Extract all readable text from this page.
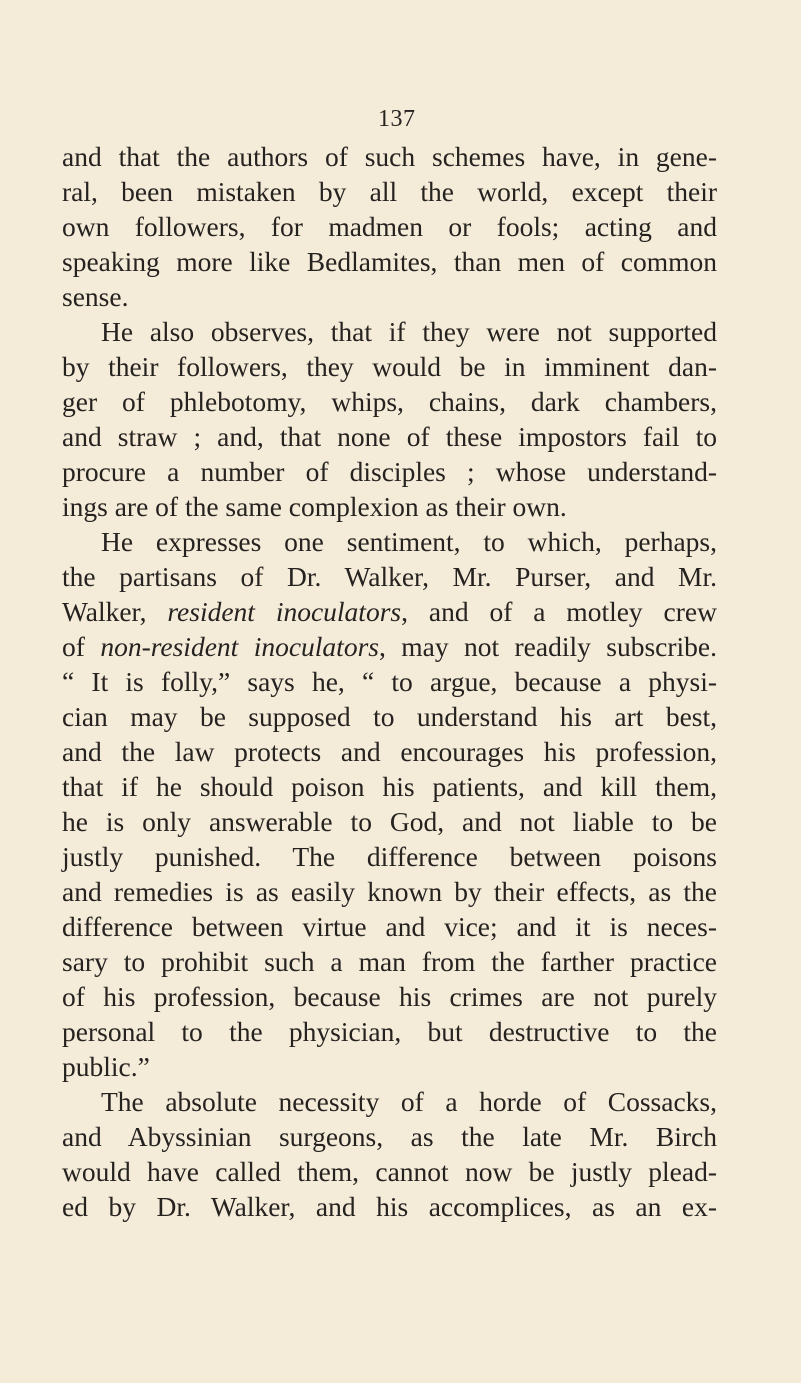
137
and that the authors of such schemes have, in gene-
ral, been mistaken by all the world, except their
own followers, for madmen or fools; acting and
speaking more like Bedlamites, than men of common
sense.
He also observes, that if they were not supported
by their followers, they would be in imminent dan-
ger of phlebotomy, whips, chains, dark chambers,
and straw ; and, that none of these impostors fail to
procure a number of disciples ; whose understand-
ings are of the same complexion as their own.
He expresses one sentiment, to which, perhaps,
the partisans of Dr. Walker, Mr. Purser, and Mr.
Walker, resident inoculators, and of a motley crew
of non-resident inoculators, may not readily subscribe.
“ It is folly,” says he, “ to argue, because a physi-
cian may be supposed to understand his art best,
and the law protects and encourages his profession,
that if he should poison his patients, and kill them,
he is only answerable to God, and not liable to be
justly punished. The difference between poisons
and remedies is as easily known by their effects, as the
difference between virtue and vice; and it is neces-
sary to prohibit such a man from the farther practice
of his profession, because his crimes are not purely
personal to the physician, but destructive to the
public.”
The absolute necessity of a horde of Cossacks,
and Abyssinian surgeons, as the late Mr. Birch
would have called them, cannot now be justly plead-
ed by Dr. Walker, and his accomplices, as an ex-
